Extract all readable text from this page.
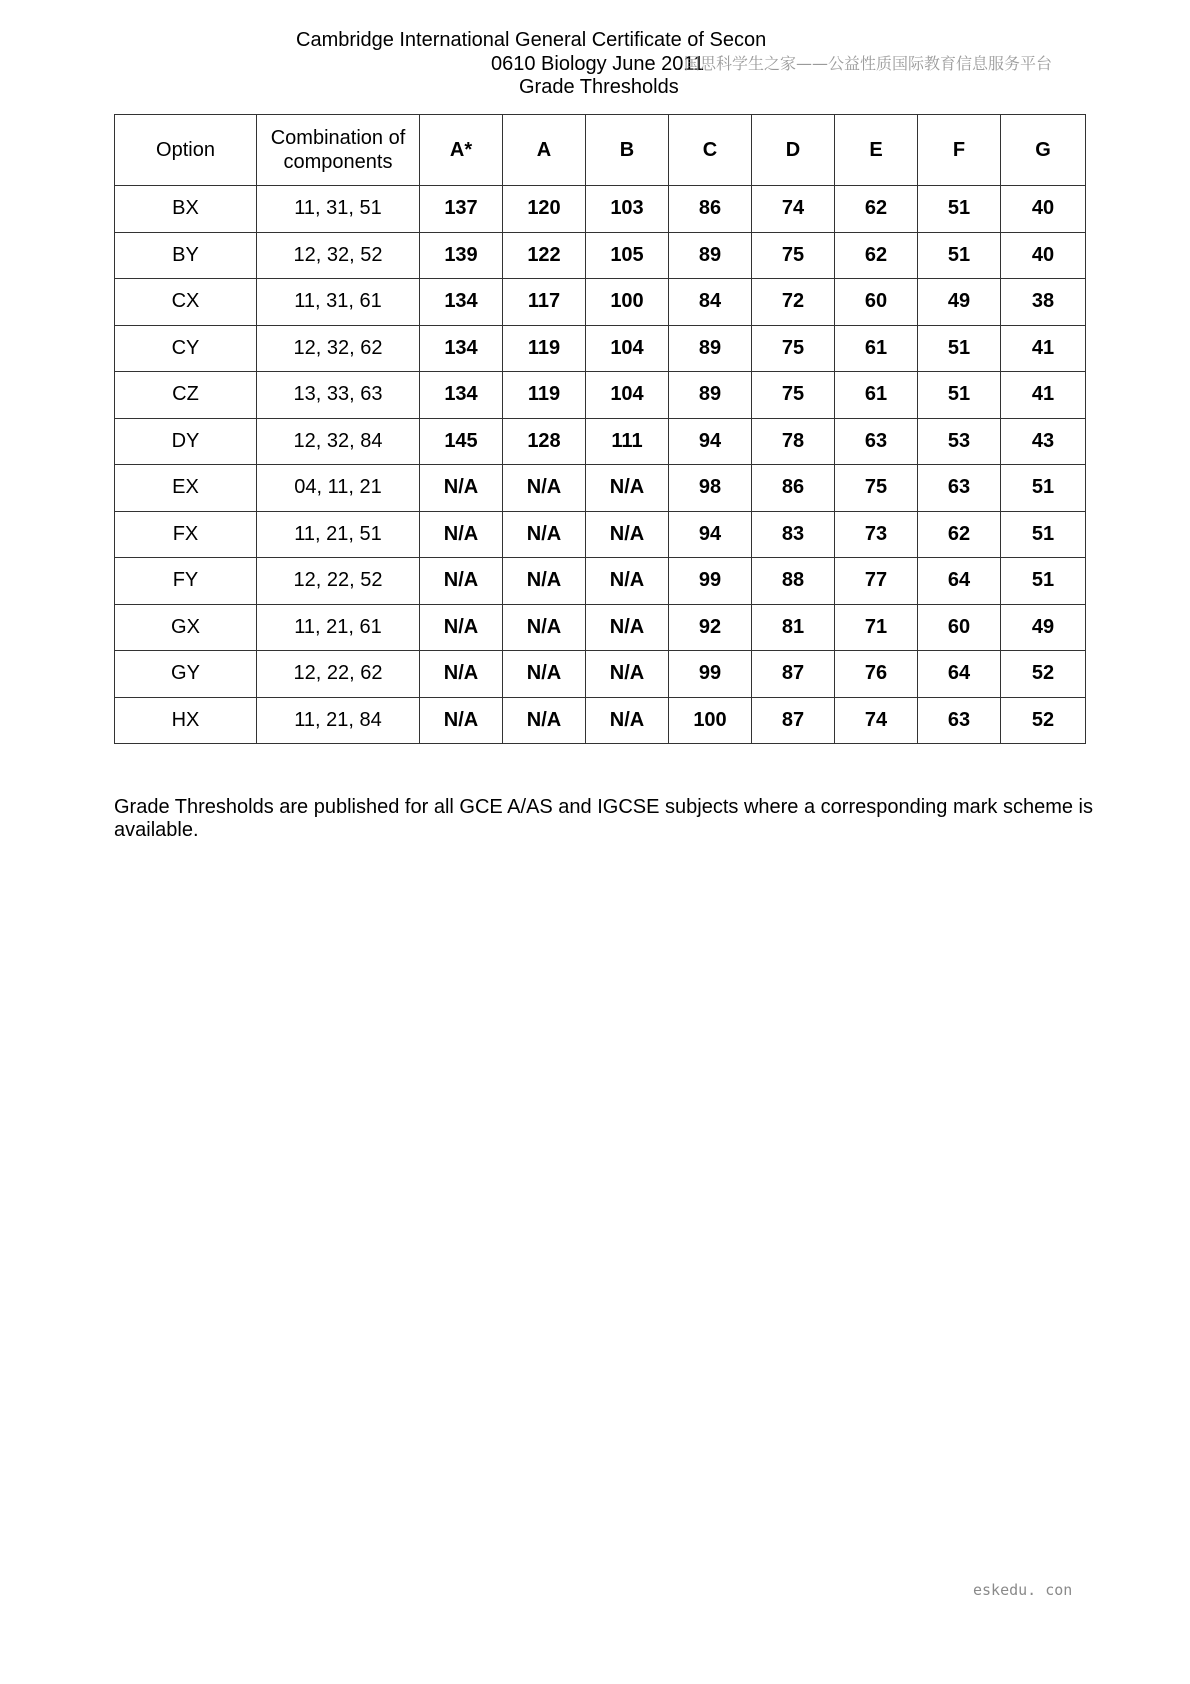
Cambridge International General Certificate of Secon
0610 Biology June 2011
国思科学生之家——公益性质国际教育信息服务平台
Grade Thresholds
Option	Combination of components	A*	A	B	C	D	E	F	G
BX	11, 31, 51	137	120	103	86	74	62	51	40
BY	12, 32, 52	139	122	105	89	75	62	51	40
CX	11, 31, 61	134	117	100	84	72	60	49	38
CY	12, 32, 62	134	119	104	89	75	61	51	41
CZ	13, 33, 63	134	119	104	89	75	61	51	41
DY	12, 32, 84	145	128	111	94	78	63	53	43
EX	04, 11, 21	N/A	N/A	N/A	98	86	75	63	51
FX	11, 21, 51	N/A	N/A	N/A	94	83	73	62	51
FY	12, 22, 52	N/A	N/A	N/A	99	88	77	64	51
GX	11, 21, 61	N/A	N/A	N/A	92	81	71	60	49
GY	12, 22, 62	N/A	N/A	N/A	99	87	76	64	52
HX	11, 21, 84	N/A	N/A	N/A	100	87	74	63	52
Grade Thresholds are published for all GCE A/AS and IGCSE subjects where a corresponding mark scheme is available.
eskedu. con
